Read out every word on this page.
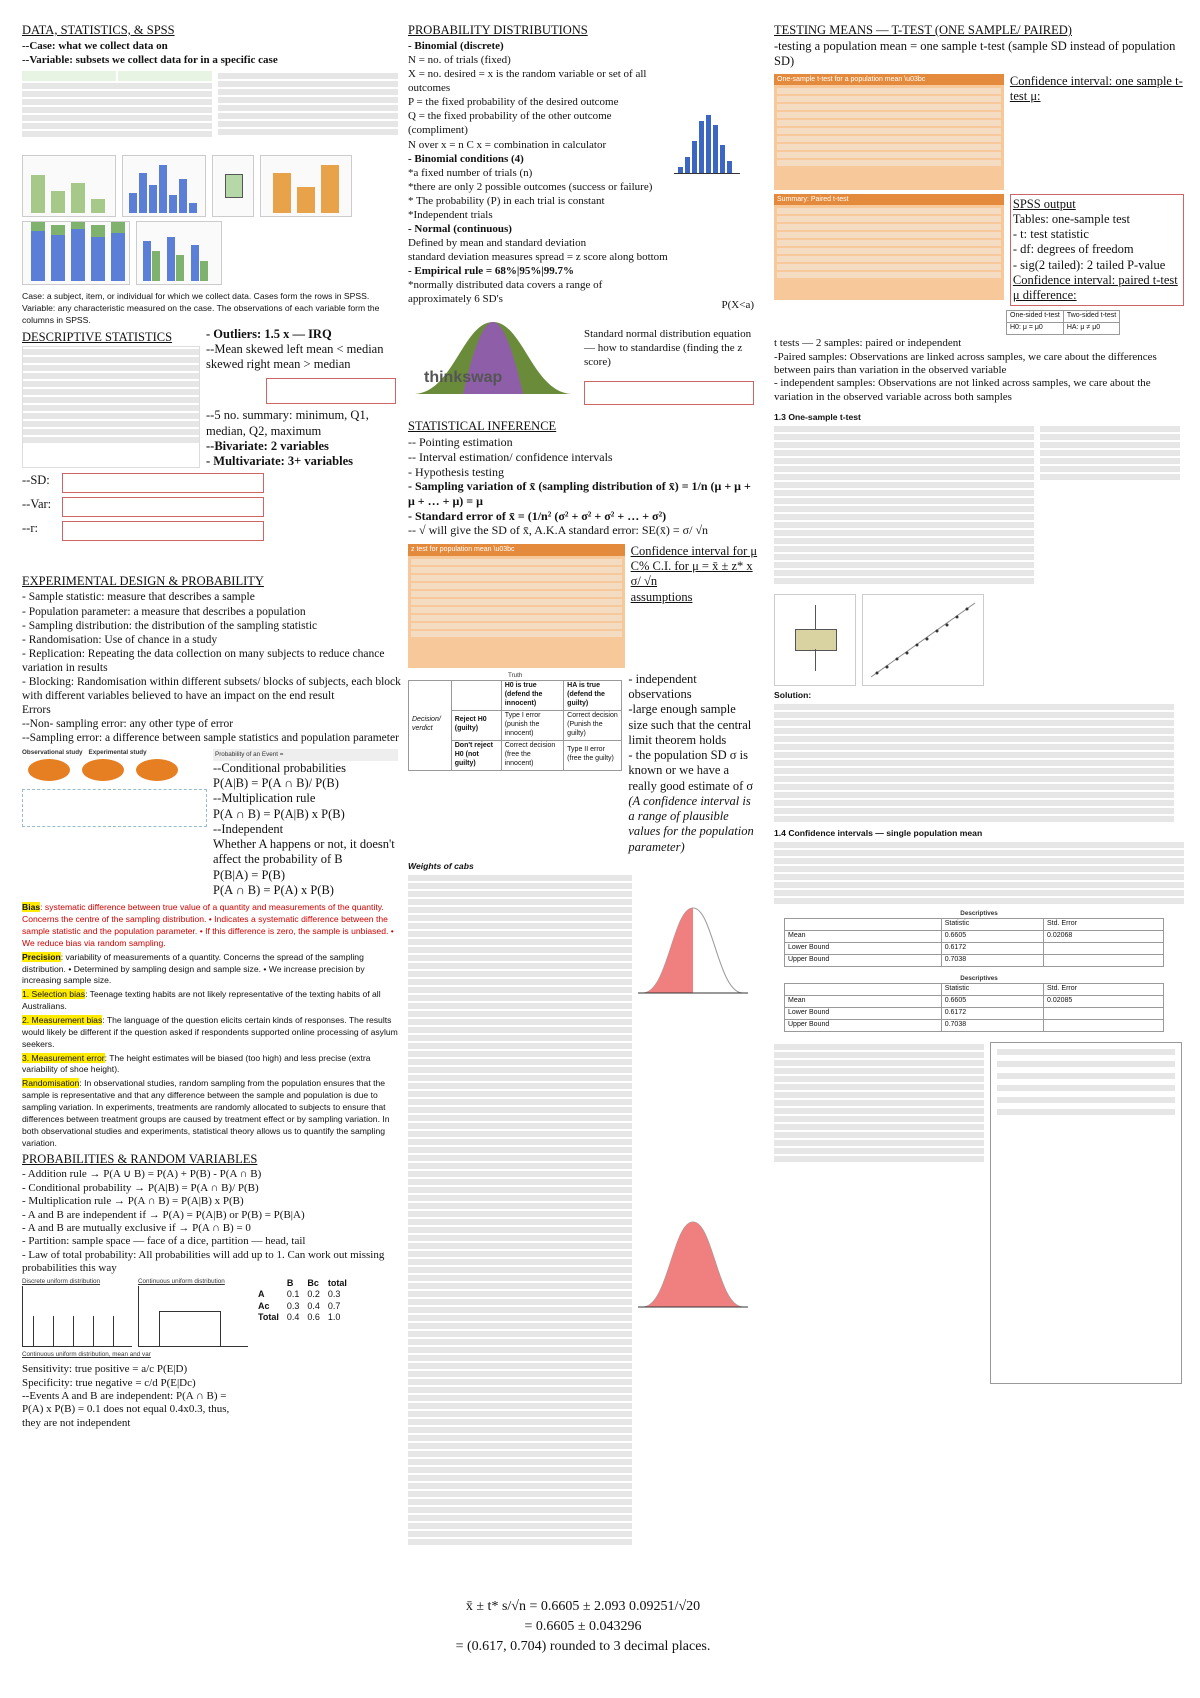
DATA, STATISTICS, & SPSS
--Case: what we collect data on
--Variable: subsets we collect data for in a specific case
Case: a subject, item, or individual for which we collect data. Cases form the rows in SPSS.
Variable: any characteristic measured on the case. The observations of each variable form the columns in SPSS.
DESCRIPTIVE STATISTICS	- Outliers: 1.5 x — IRQ
--Mean skewed left mean < median
skewed right mean > median
--5 no. summary: minimum, Q1, median, Q2, maximum
--Bivariate: 2 variables
- Multivariate: 3+ variables
--SD:
--Var:
--r:
EXPERIMENTAL DESIGN & PROBABILITY
- Sample statistic: measure that describes a sample
- Population parameter: a measure that describes a population
- Sampling distribution: the distribution of the sampling statistic
- Randomisation: Use of chance in a study
- Replication: Repeating the data collection on many subjects to reduce chance variation in results
- Blocking: Randomisation within different subsets/ blocks of subjects, each block with different variables believed to have an impact on the end result
Errors
--Non- sampling error: any other type of error
--Sampling error: a difference between sample statistics and population parameter
Observational study Experimental study	Probability of an Event =
--Conditional probabilities
P(A|B) = P(A ∩ B)/ P(B)
--Multiplication rule
P(A ∩ B) = P(A|B) x P(B)
--Independent
Whether A happens or not, it doesn't affect the probability of B
P(B|A) = P(B)
P(A ∩ B) = P(A) x P(B)

Bias: systematic difference between true value of a quantity and measurements of the quantity. Concerns the centre of the sampling distribution. • Indicates a systematic difference between the sample statistic and the population parameter. • If this difference is zero, the sample is unbiased. • We reduce bias via random sampling.

Precision: variability of measurements of a quantity. Concerns the spread of the sampling distribution. • Determined by sampling design and sample size. • We increase precision by increasing sample size.

1. Selection bias: Teenage texting habits are not likely representative of the texting habits of all Australians.

2. Measurement bias: The language of the question elicits certain kinds of responses. The results would likely be different if the question asked if respondents supported online processing of asylum seekers.

3. Measurement error: The height estimates will be biased (too high) and less precise (extra variability of shoe height).

Randomisation: In observational studies, random sampling from the population ensures that the sample is representative and that any difference between the sample and population is due to sampling variation. In experiments, treatments are randomly allocated to subjects to ensure that differences between treatment groups are caused by treatment effect or by sampling variation. In both observational studies and experiments, statistical theory allows us to quantify the sampling variation.

PROBABILITIES & RANDOM VARIABLES
- Addition rule → P(A ∪ B) = P(A) + P(B) - P(A ∩ B)
- Conditional probability → P(A|B) = P(A ∩ B)/ P(B)
- Multiplication rule → P(A ∩ B) = P(A|B) x P(B)
- A and B are independent if → P(A) = P(A|B) or P(B) = P(B|A)
- A and B are mutually exclusive if → P(A ∩ B) = 0
- Partition: sample space — face of a dice, partition — head, tail
- Law of total probability: All probabilities will add up to 1. Can work out missing probabilities this way
Discrete uniform distribution	Continuous uniform distribution
		B	Bc	total
A	0.1	0.2	0.3
Ac	0.3	0.4	0.7
Total	0.4	0.6	1.0
Continuous uniform distribution, mean and var
Sensitivity: true positive = a/c P(E|D)
Specificity: true negative = c/d P(E|Dc)
--Events A and B are independent: P(A ∩ B) = P(A) x P(B) = 0.1 does not equal 0.4x0.3, thus, they are not independent
PROBABILITY DISTRIBUTIONS
- Binomial (discrete)
N = no. of trials (fixed)
X = no. desired = x is the random variable or set of all outcomes
P = the fixed probability of the desired outcome
Q = the fixed probability of the other outcome (compliment)
N over x = n C x = combination in calculator
- Binomial conditions (4)
*a fixed number of trials (n)
*there are only 2 possible outcomes (success or failure)
* The probability (P) in each trial is constant
*Independent trials
- Normal (continuous)
Defined by mean and standard deviation
standard deviation measures spread = z score along bottom
- Empirical rule = 68%|95%|99.7%
*normally distributed data covers a range of approximately 6 SD's
thinkswap
P(X<a)
Standard normal distribution equation — how to standardise (finding the z score)
STATISTICAL INFERENCE
-- Pointing estimation
-- Interval estimation/ confidence intervals
- Hypothesis testing
- Sampling variation of x̄ (sampling distribution of x̄) = 1/n (μ + μ + μ + … + μ) = μ
- Standard error of x̄ = (1/n² (σ² + σ² + σ² + … + σ²)
-- √ will give the SD of x̄, A.K.A standard error: SE(x̄) = σ/ √n
z test for population mean \u03bc	Confidence interval for μ C% C.I. for μ = x̄ ± z* x σ/ √n
assumptions
Truth
Decision/ verdict		H0 is true (defend the innocent)	HA is true (defend the guilty)
	Reject H0 (guilty)	Type I error (punish the innocent)	Correct decision (Punish the guilty)
	Don't reject H0 (not guilty)	Correct decision (free the innocent)	Type II error (free the guilty)
- independent observations
-large enough sample size such that the central limit theorem holds
- the population SD σ is known or we have a really good estimate of σ
(A confidence interval is a range of plausible values for the population parameter)
Weights of cabs

TESTING MEANS — T-TEST (ONE SAMPLE/ PAIRED)
-testing a population mean = one sample t-test (sample SD instead of population SD)
One-sample t-test for a population mean \u03bc	Confidence interval: one sample t-test μ:
Summary: Paired t-test	SPSS output
Tables: one-sample test
- t: test statistic
- df: degrees of freedom
- sig(2 tailed): 2 tailed P-value
Confidence interval: paired t-test μ difference:
One-sided t-test	Two-sided t-test
H0: μ = μ0	HA: μ ≠ μ0
t tests — 2 samples: paired or independent
-Paired samples: Observations are linked across samples, we care about the differences between pairs than variation in the observed variable
- independent samples: Observations are not linked across samples, we care about the variation in the observed variable across both samples
1.3 One-sample t-test
Solution:
1.4 Confidence intervals — single population mean
Descriptives
	Statistic	Std. Error
Mean	0.6605	0.02068
Lower Bound	0.6172	
Upper Bound	0.7038	
Descriptives
	Statistic	Std. Error
Mean	0.6605	0.02085
Lower Bound	0.6172	
Upper Bound	0.7038	
x̄ ± t* s/√n = 0.6605 ± 2.093 0.09251/√20
= 0.6605 ± 0.043296
= (0.617, 0.704) rounded to 3 decimal places.
